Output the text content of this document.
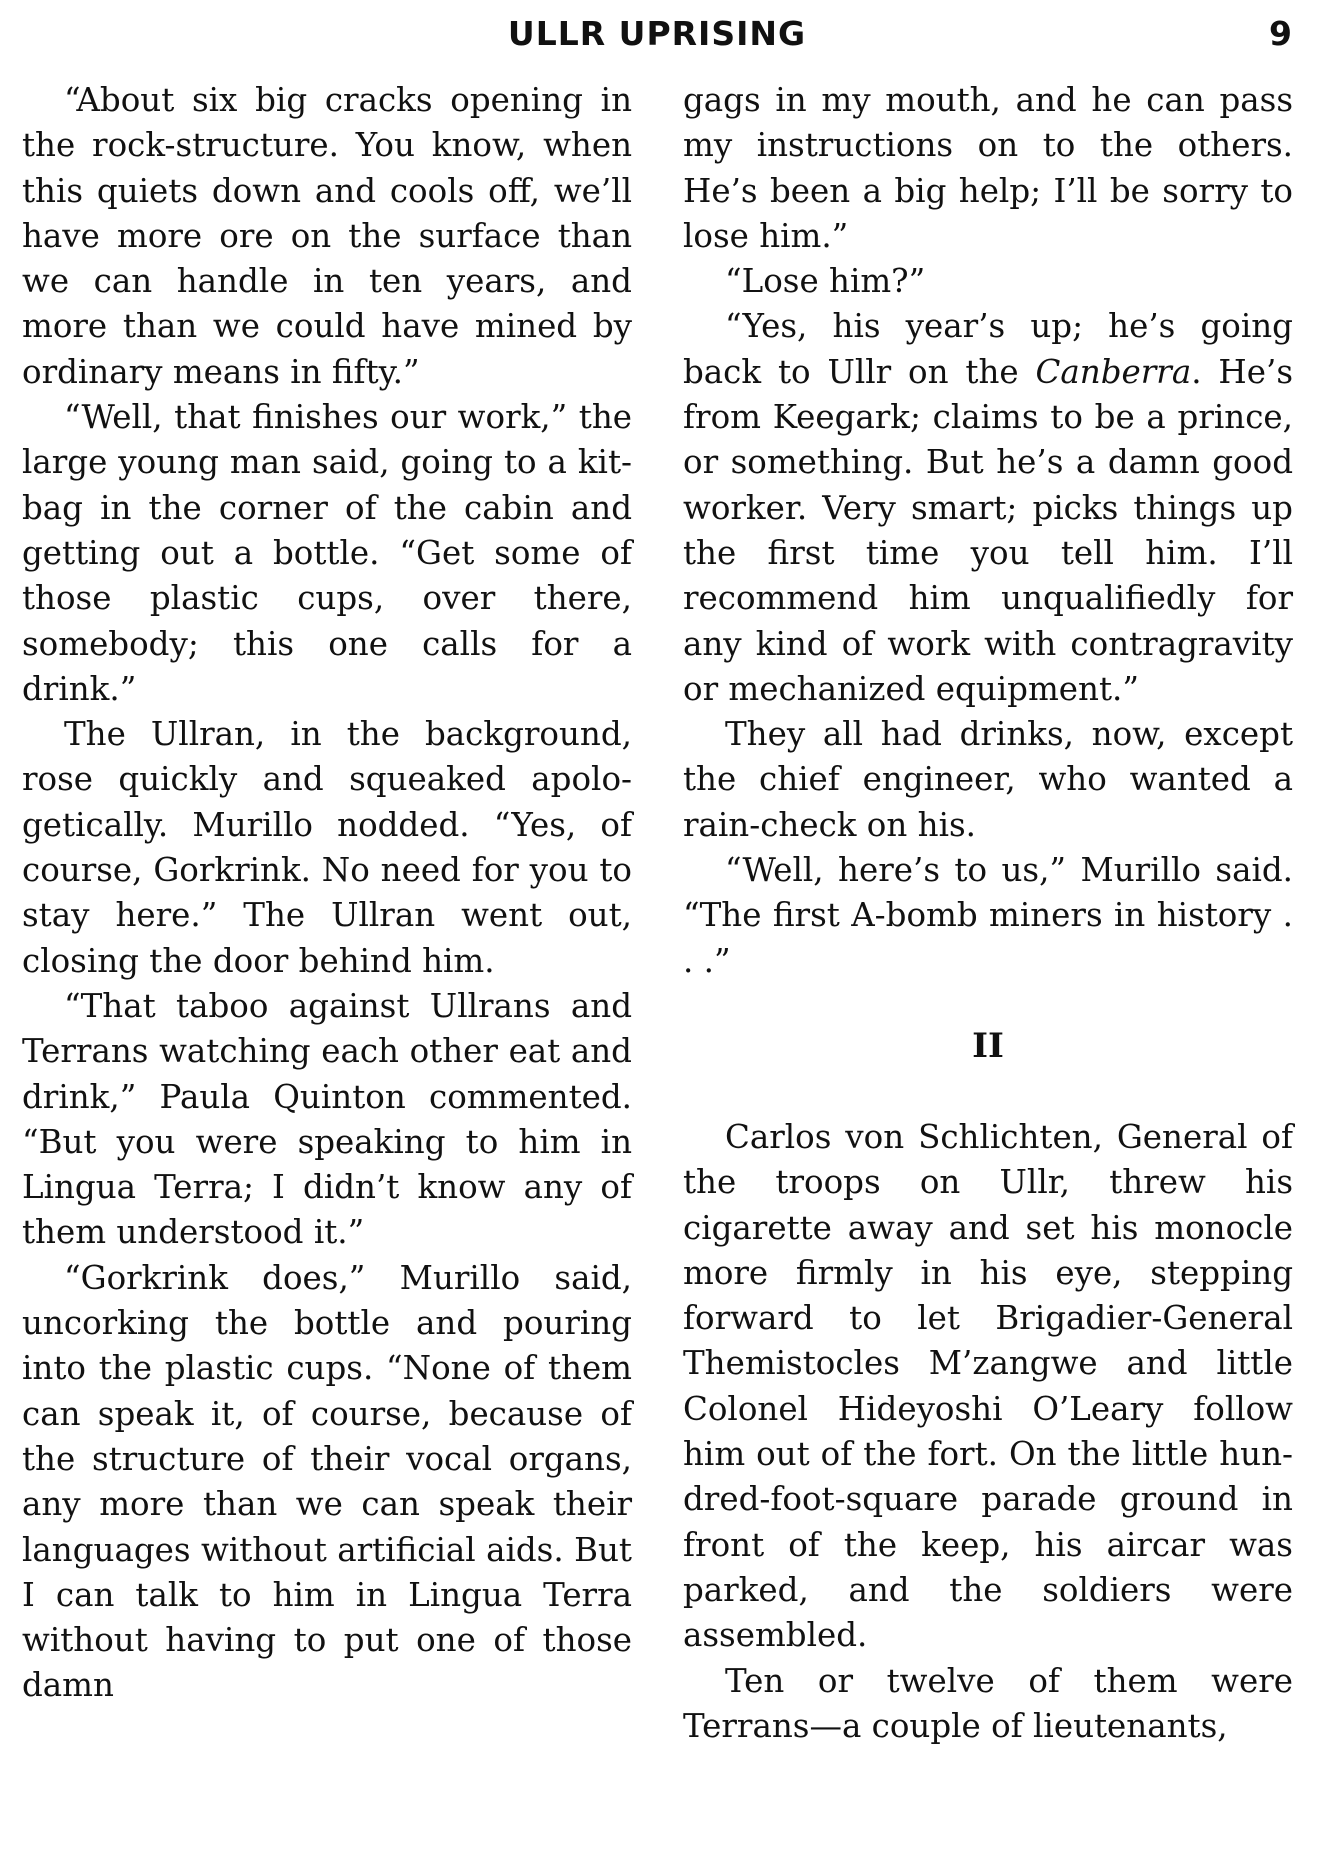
ULLR UPRISING	9

“About six big cracks opening in the rock-structure. You know, when this quiets down and cools off, we’ll have more ore on the surface than we can handle in ten years, and more than we could have mined by ordinary means in fifty.”

“Well, that finishes our work,” the large young man said, going to a kit-bag in the corner of the cabin and getting out a bottle. “Get some of those plastic cups, over there, somebody; this one calls for a drink.”

The Ullran, in the background, rose quickly and squeaked apologetically. Murillo nodded. “Yes, of course, Gorkrink. No need for you to stay here.” The Ullran went out, closing the door behind him.

“That taboo against Ullrans and Terrans watching each other eat and drink,” Paula Quinton commented. “But you were speaking to him in Lingua Terra; I didn’t know any of them understood it.”

“Gorkrink does,” Murillo said, uncorking the bottle and pouring into the plastic cups. “None of them can speak it, of course, because of the structure of their vocal organs, any more than we can speak their languages without artificial aids. But I can talk to him in Lingua Terra without having to put one of those damn

gags in my mouth, and he can pass my instructions on to the others. He’s been a big help; I’ll be sorry to lose him.”

“Lose him?”

“Yes, his year’s up; he’s going back to Ullr on the Canberra. He’s from Keegark; claims to be a prince, or something. But he’s a damn good worker. Very smart; picks things up the first time you tell him. I’ll recommend him unqualifiedly for any kind of work with contragravity or mechanized equipment.”

They all had drinks, now, except the chief engineer, who wanted a rain-check on his.

“Well, here’s to us,” Murillo said. “The first A-bomb miners in history . . .”

II

Carlos von Schlichten, General of the troops on Ullr, threw his cigarette away and set his monocle more firmly in his eye, stepping forward to let Brigadier-General Themistocles M’zangwe and little Colonel Hideyoshi O’Leary follow him out of the fort. On the little hundred-foot-square parade ground in front of the keep, his aircar was parked, and the soldiers were assembled.

Ten or twelve of them were Terrans—a couple of lieutenants,
